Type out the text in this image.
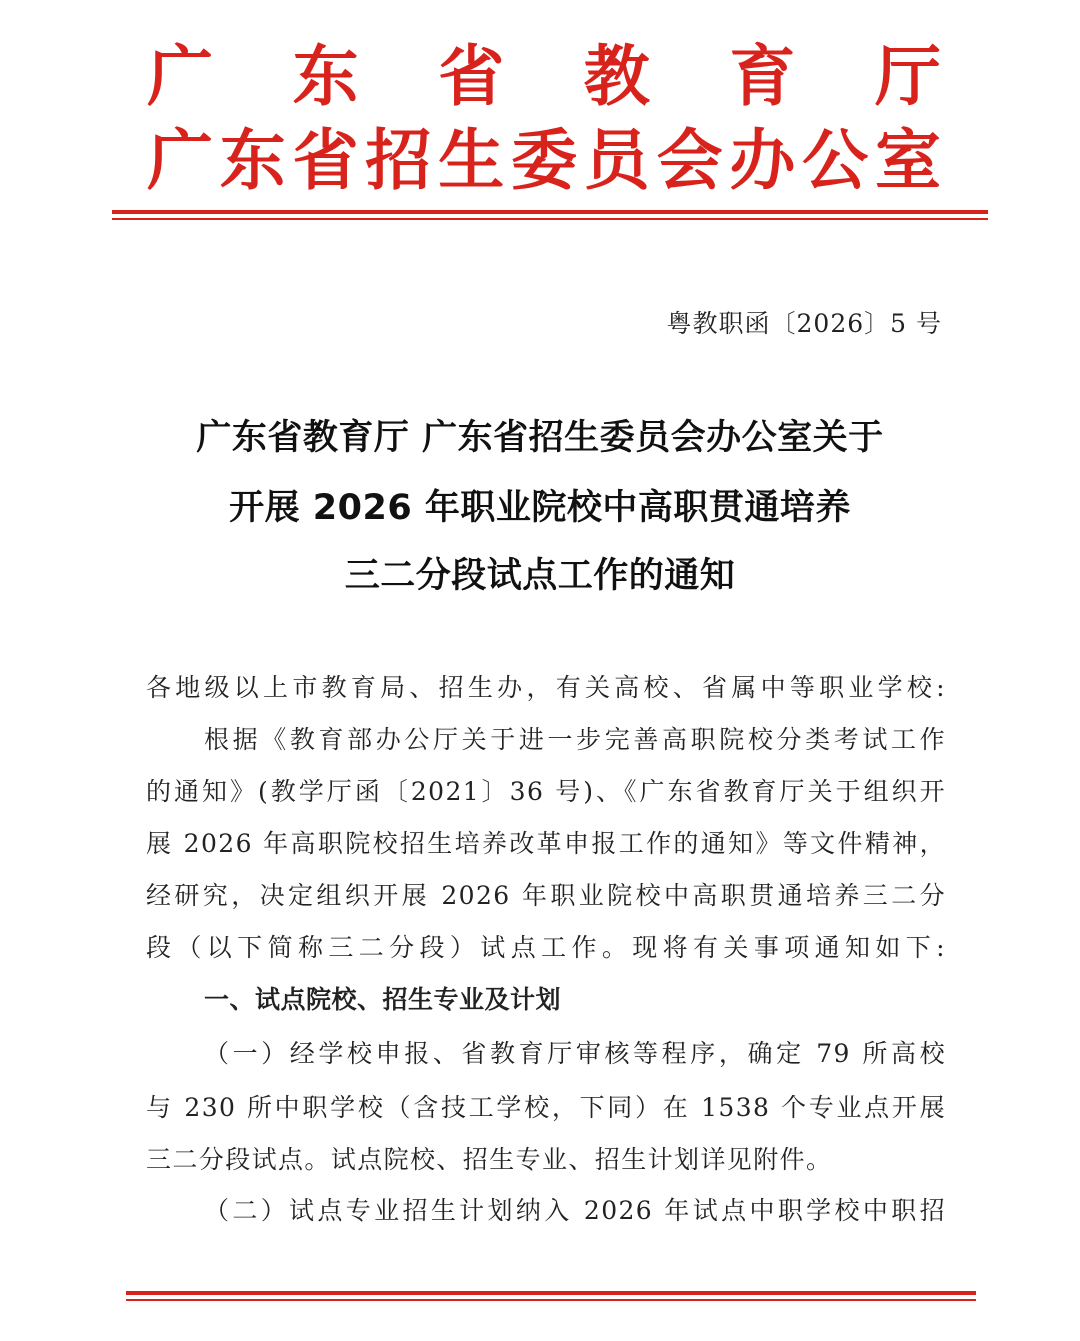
广 东 省 教 育 厅
广 东 省 招 生 委 员 会 办 公 室
粤教职函〔2026〕5 号
广东省教育厅 广东省招生委员会办公室关于
开展 2026 年职业院校中高职贯通培养
三二分段试点工作的通知
各地级以上市教育局、招生办，有关高校、省属中等职业学校:
根据《教育部办公厅关于进一步完善高职院校分类考试工作
的通知》(教学厅函〔2021〕36 号)、《广东省教育厅关于组织开
展 2026 年高职院校招生培养改革申报工作的通知》等文件精神，
经研究，决定组织开展 2026 年职业院校中高职贯通培养三二分
段（以下简称三二分段）试点工作。现将有关事项通知如下:
一、试点院校、招生专业及计划
（一）经学校申报、省教育厅审核等程序，确定 79 所高校
与 230 所中职学校（含技工学校，下同）在 1538 个专业点开展
三二分段试点。试点院校、招生专业、招生计划详见附件。
（二）试点专业招生计划纳入 2026 年试点中职学校中职招
